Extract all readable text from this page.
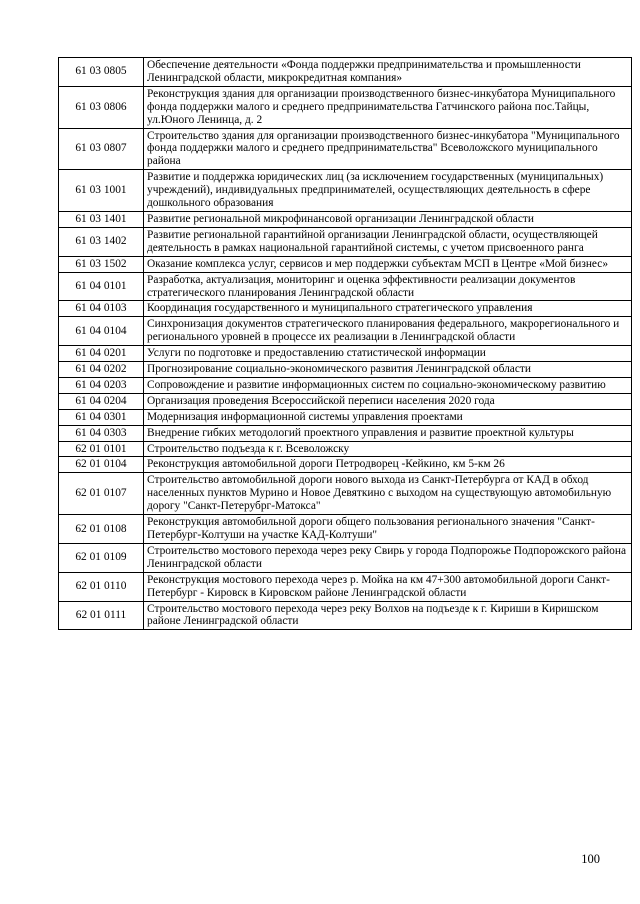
61 03 0805	Обеспечение деятельности «Фонда поддержки предпринимательства и промышленности Ленинградской области, микрокредитная компания»
61 03 0806	Реконструкция здания для организации производственного бизнес-инкубатора Муниципального фонда поддержки малого и среднего предпринимательства Гатчинского района пос.Тайцы, ул.Юного Ленинца, д. 2
61 03 0807	Строительство здания для организации производственного бизнес-инкубатора "Муниципального фонда поддержки малого и среднего предпринимательства" Всеволожского муниципального района
61 03 1001	Развитие и поддержка юридических лиц (за исключением государственных (муниципальных) учреждений), индивидуальных предпринимателей, осуществляющих деятельность в сфере дошкольного образования
61 03 1401	Развитие региональной микрофинансовой организации Ленинградской области
61 03 1402	Развитие региональной гарантийной организации Ленинградской области, осуществляющей деятельность в рамках национальной гарантийной системы, с учетом присвоенного ранга
61 03 1502	Оказание комплекса услуг, сервисов и мер поддержки субъектам МСП в Центре «Мой бизнес»
61 04 0101	Разработка, актуализация, мониторинг и оценка эффективности реализации документов стратегического планирования Ленинградской области
61 04 0103	Координация государственного и муниципального стратегического управления
61 04 0104	Синхронизация документов стратегического планирования федерального, макрорегионального и регионального уровней в процессе их реализации в Ленинградской области
61 04 0201	Услуги по подготовке и предоставлению статистической информации
61 04 0202	Прогнозирование социально-экономического развития Ленинградской области
61 04 0203	Сопровождение и развитие информационных систем по социально-экономическому развитию
61 04 0204	Организация проведения Всероссийской переписи населения 2020 года
61 04 0301	Модернизация информационной системы управления проектами
61 04 0303	Внедрение гибких методологий проектного управления и развитие проектной культуры
62 01 0101	Строительство подъезда к г. Всеволожску
62 01 0104	Реконструкция автомобильной дороги Петродворец -Кейкино, км 5-км 26
62 01 0107	Строительство автомобильной дороги нового выхода из Санкт-Петербурга от КАД в обход населенных пунктов Мурино и Новое Девяткино с выходом на существующую автомобильную дорогу "Санкт-Петерубрг-Матокса"
62 01 0108	Реконструкция автомобильной дороги общего пользования регионального значения "Санкт-Петербург-Колтуши на участке КАД-Колтуши"
62 01 0109	Строительство мостового перехода через реку Свирь у города Подпорожье Подпорожского района Ленинградской области
62 01 0110	Реконструкция мостового перехода через р. Мойка на км 47+300 автомобильной дороги Санкт-Петербург - Кировск в Кировском районе Ленинградской области
62 01 0111	Строительство мостового перехода через реку Волхов на подъезде к г. Кириши в Киришском районе Ленинградской области
100
